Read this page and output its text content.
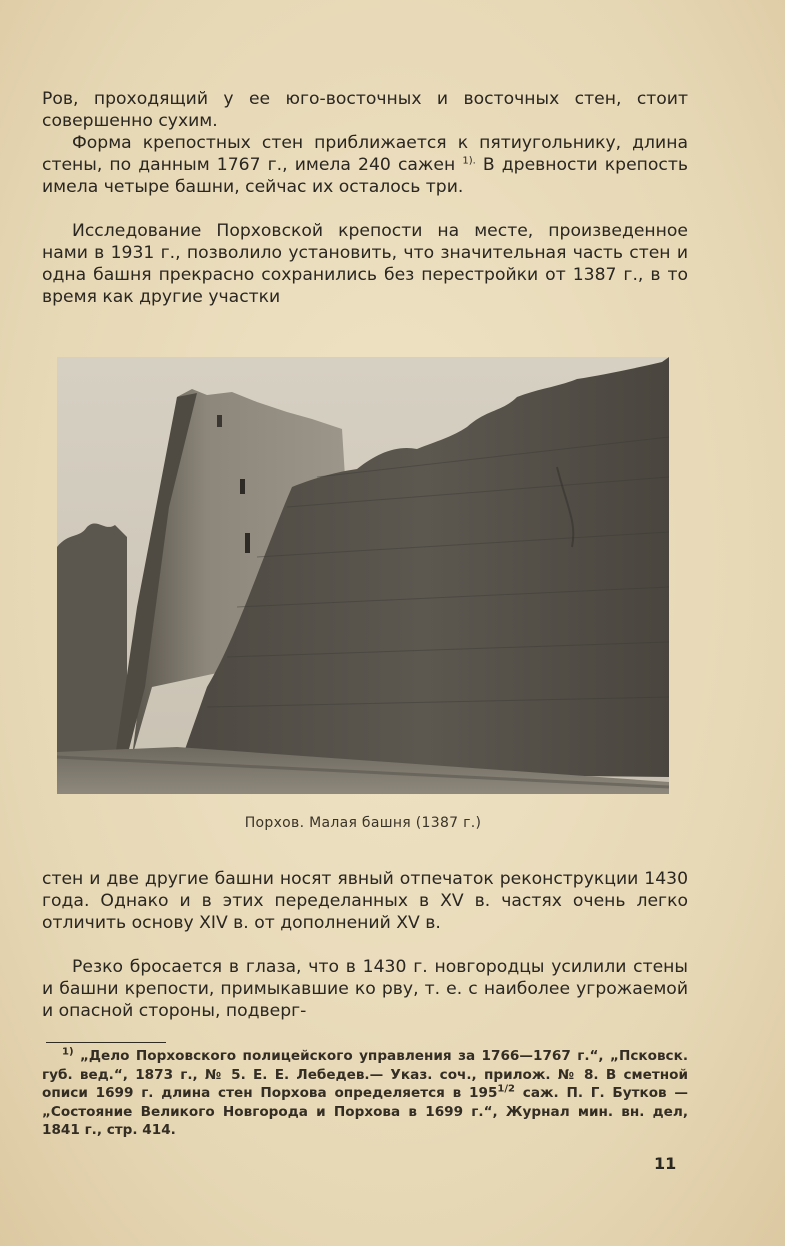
Ров, проходящий у ее юго-восточных и восточных стен, стоит совершенно сухим.

Форма крепостных стен приближается к пятиугольнику, длина стены, по данным 1767 г., имела 240 сажен $^{1).}$ В древности крепость имела четыре башни, сейчас их осталось три.

Исследование Порховской крепости на месте, произведенное нами в 1931 г., позволило установить, что значительная часть стен и одна башня прекрасно сохранились без перестройки от 1387 г., в то время как другие участки

Порхов. Малая башня (1387 г.)

стен и две другие башни носят явный отпечаток реконструкции 1430 года. Однако и в этих переделанных в XV в. частях очень легко отличить основу XIV в. от дополнений XV в.

Резко бросается в глаза, что в 1430 г. новгородцы усилили стены и башни крепости, примыкавшие ко рву, т. е. с наиболее угрожаемой и опасной стороны, подверг-

$^{1)}$ „Дело Порховского полицейского управления за 1766—1767 г.“, „Псковск. губ. вед.“, 1873 г., № 5. Е. Е. Лебедев.— Указ. соч., прилож. № 8. В сметной описи 1699 г. длина стен Порхова определяется в $195^{1/2}$ саж. П. Г. Бутков — „Состояние Великого Новгорода и Порхова в 1699 г.“, Журнал мин. вн. дел, 1841 г., стр. 414.

11
